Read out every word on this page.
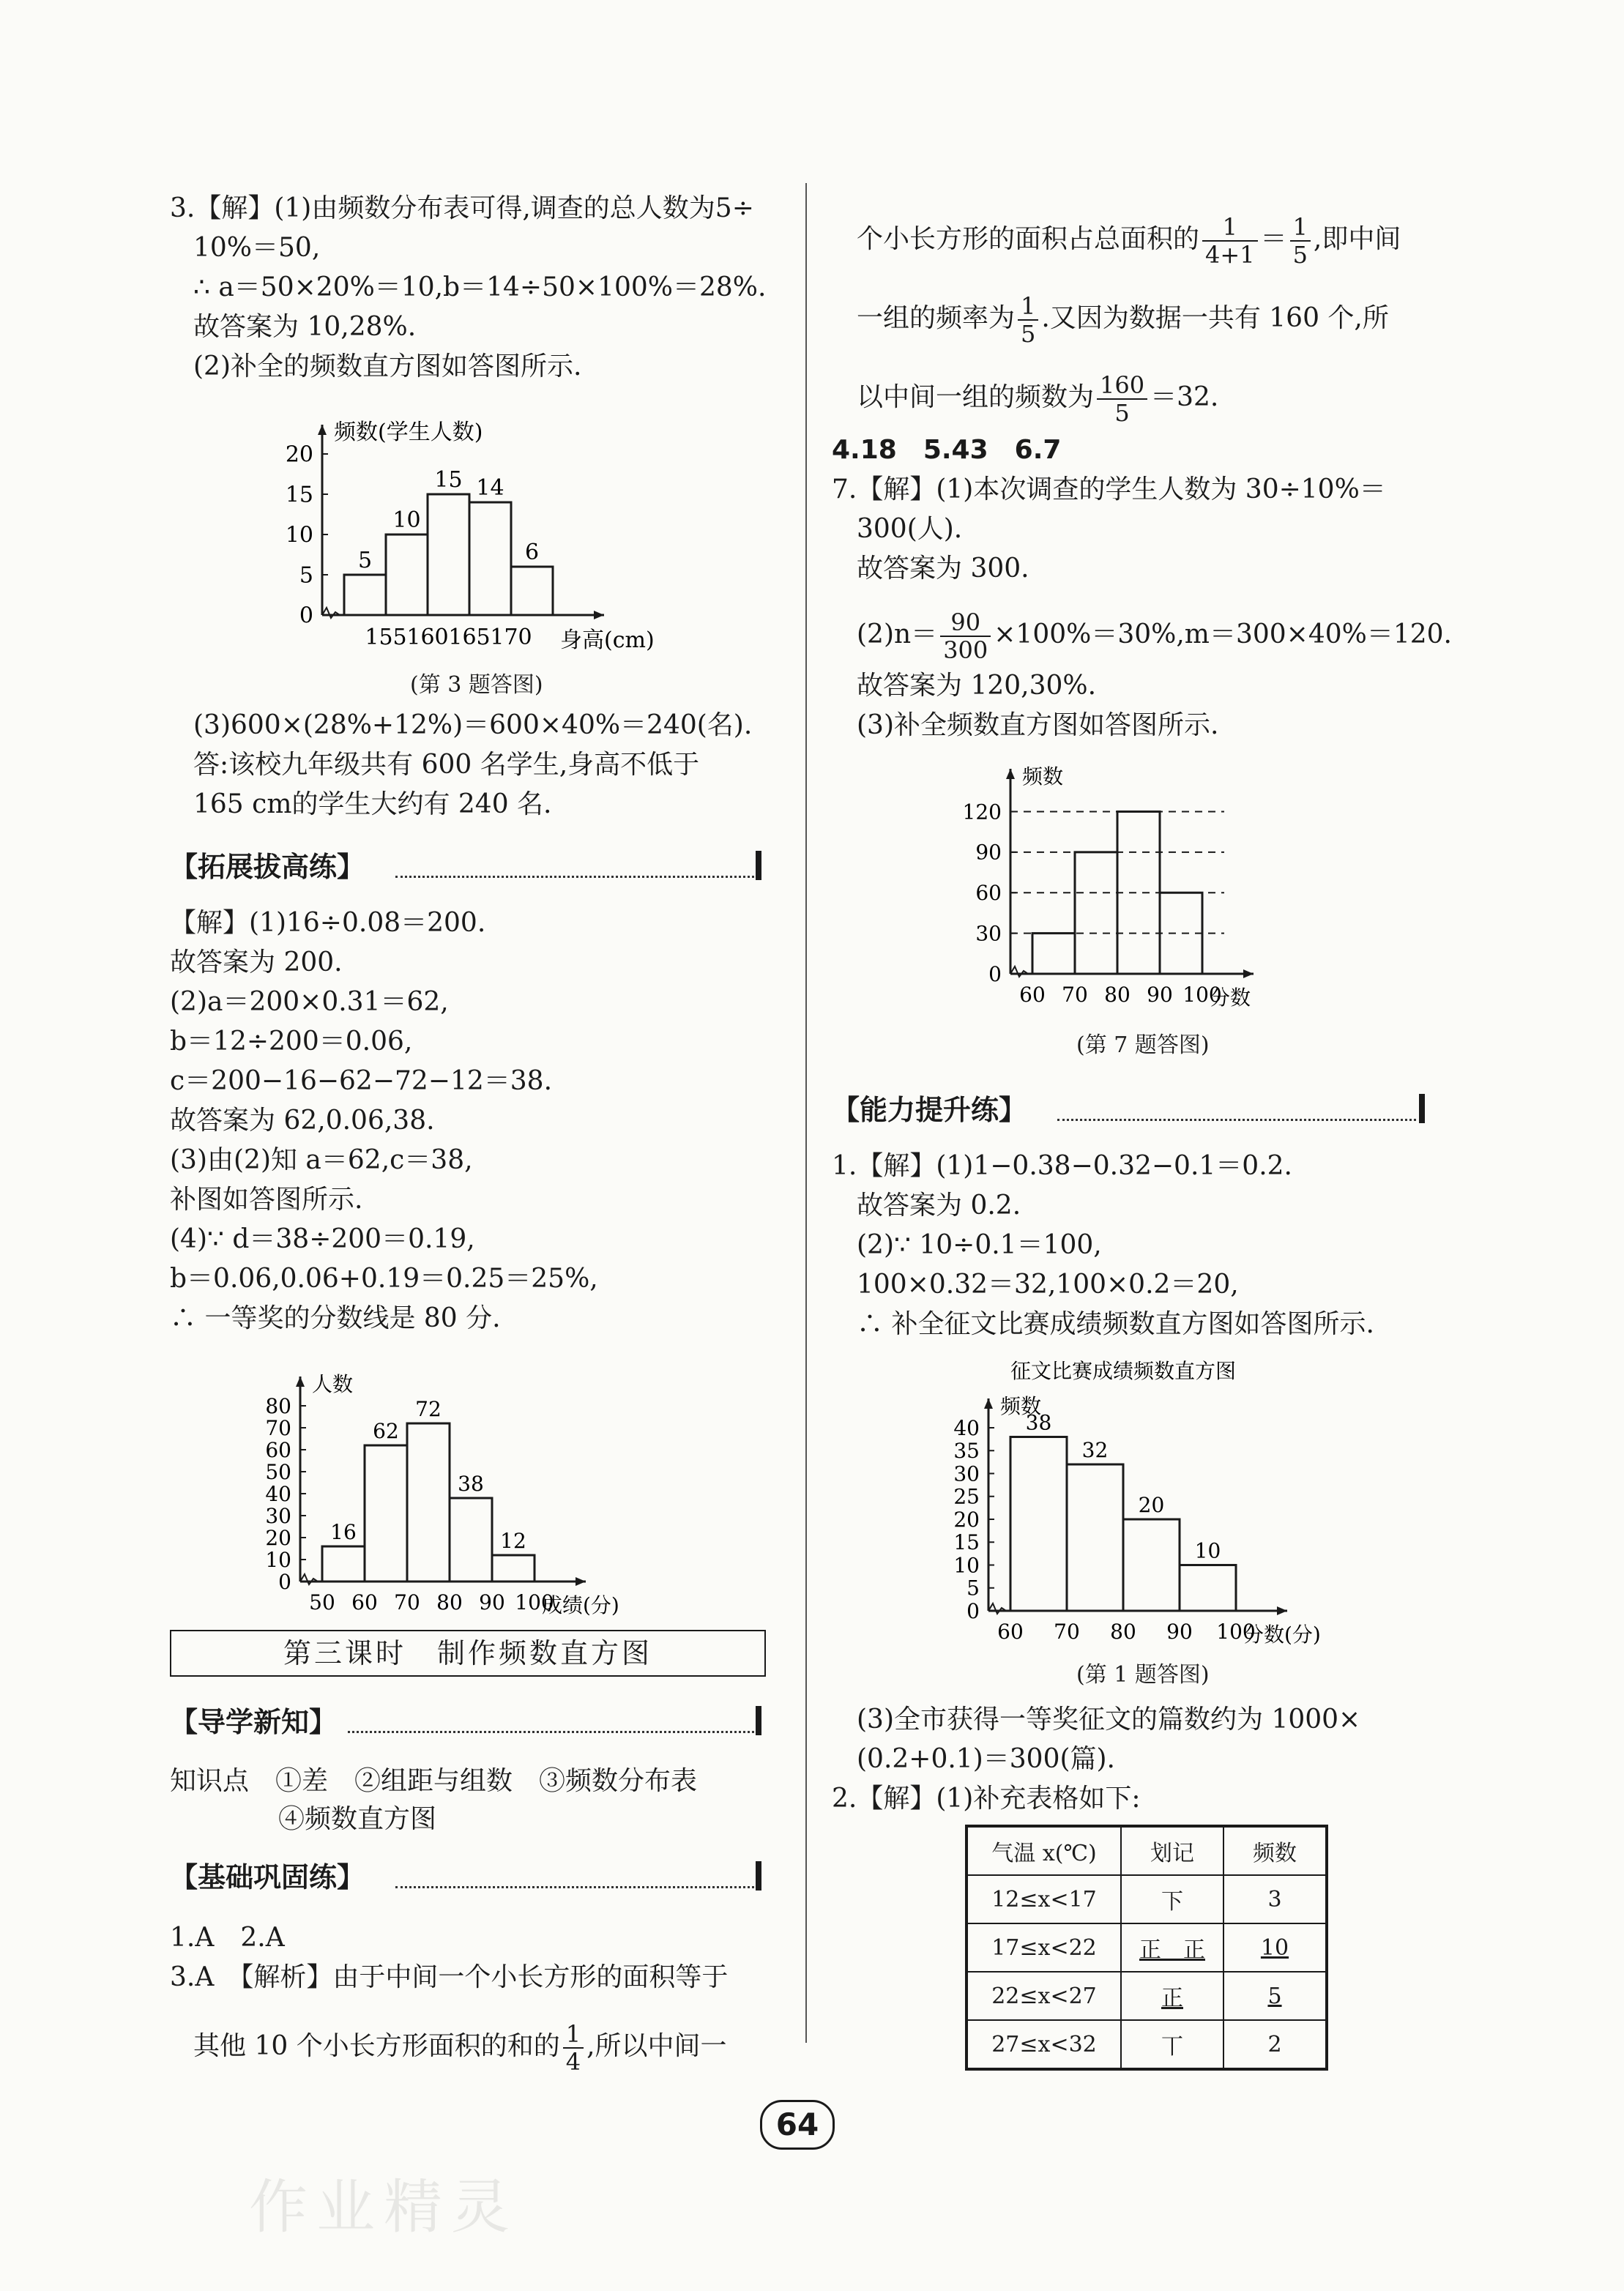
3.【解】(1)由频数分布表可得,调查的总人数为5÷
10%＝50,
∴ a＝50×20%＝10,b＝14÷50×100%＝28%.
故答案为 10,28%.
(2)补全的频数直方图如答图所示.
0
5
10
15
20
155 160 165 170
5
10
15 14
6
频数(学生人数)
身高(cm)
(第 3 题答图)
(3)600×(28%+12%)＝600×40%＝240(名).
答:该校九年级共有 600 名学生,身高不低于
165 cm的学生大约有 240 名.
【拓展拔高练】
【解】(1)16÷0.08＝200.
故答案为 200.
(2)a＝200×0.31＝62,
b＝12÷200＝0.06,
c＝200−16−62−72−12＝38.
故答案为 62,0.06,38.
(3)由(2)知 a＝62,c＝38,
补图如答图所示.
(4)∵ d＝38÷200＝0.19,
b＝0.06,0.06+0.19＝0.25＝25%,
∴ 一等奖的分数线是 80 分.
0
10
20
30
40
50
60
70
80
50 60 70 80 90 100
16
62
72
38
12
人数
成绩(分)
第三课时　制作频数直方图
【导学新知】
知识点　①差　②组距与组数　③频数分布表
④频数直方图
【基础巩固练】
1.A　2.A
3.A　【解析】由于中间一个小长方形的面积等于
其他 10 个小长方形面积的和的 $\frac{1}{4}$ ,所以中间一
个小长方形的面积占总面积的 $\frac{1}{4+1} = \frac{1}{5}$ ,即中间
一组的频率为 $\frac{1}{5}$ .又因为数据一共有 160 个,所
以中间一组的频数为 $\frac{160}{5} =32$.
4.18　5.43　6.7
7.【解】(1)本次调查的学生人数为 30÷10%＝
300(人).
故答案为 300.
$(2)n= \frac{90}{300} \times 100\%=30\%,m=300\times 40\%=120$.
故答案为 120,30%.
(3)补全频数直方图如答图所示.
0
30
60
90
120
60 70 80 90 100
频数
分数
(第 7 题答图)
【能力提升练】
1.【解】(1)1−0.38−0.32−0.1＝0.2.
故答案为 0.2.
(2)∵ 10÷0.1＝100,
100×0.32＝32,100×0.2＝20,
∴ 补全征文比赛成绩频数直方图如答图所示.
0
5
10
15
20
25
30
35
40
60 70 80 90 100
38
32
20
10
频数
分数(分)
征文比赛成绩频数直方图
(第 1 题答图)
(3)全市获得一等奖征文的篇数约为 1000×
(0.2+0.1)＝300(篇).
2.【解】(1)补充表格如下:
气温 x(℃)	划记	频数
12≤x<17	下	3
17≤x<22	正　正	10
22≤x<27	正	5
27≤x<32	丅	2
64
作业精灵
